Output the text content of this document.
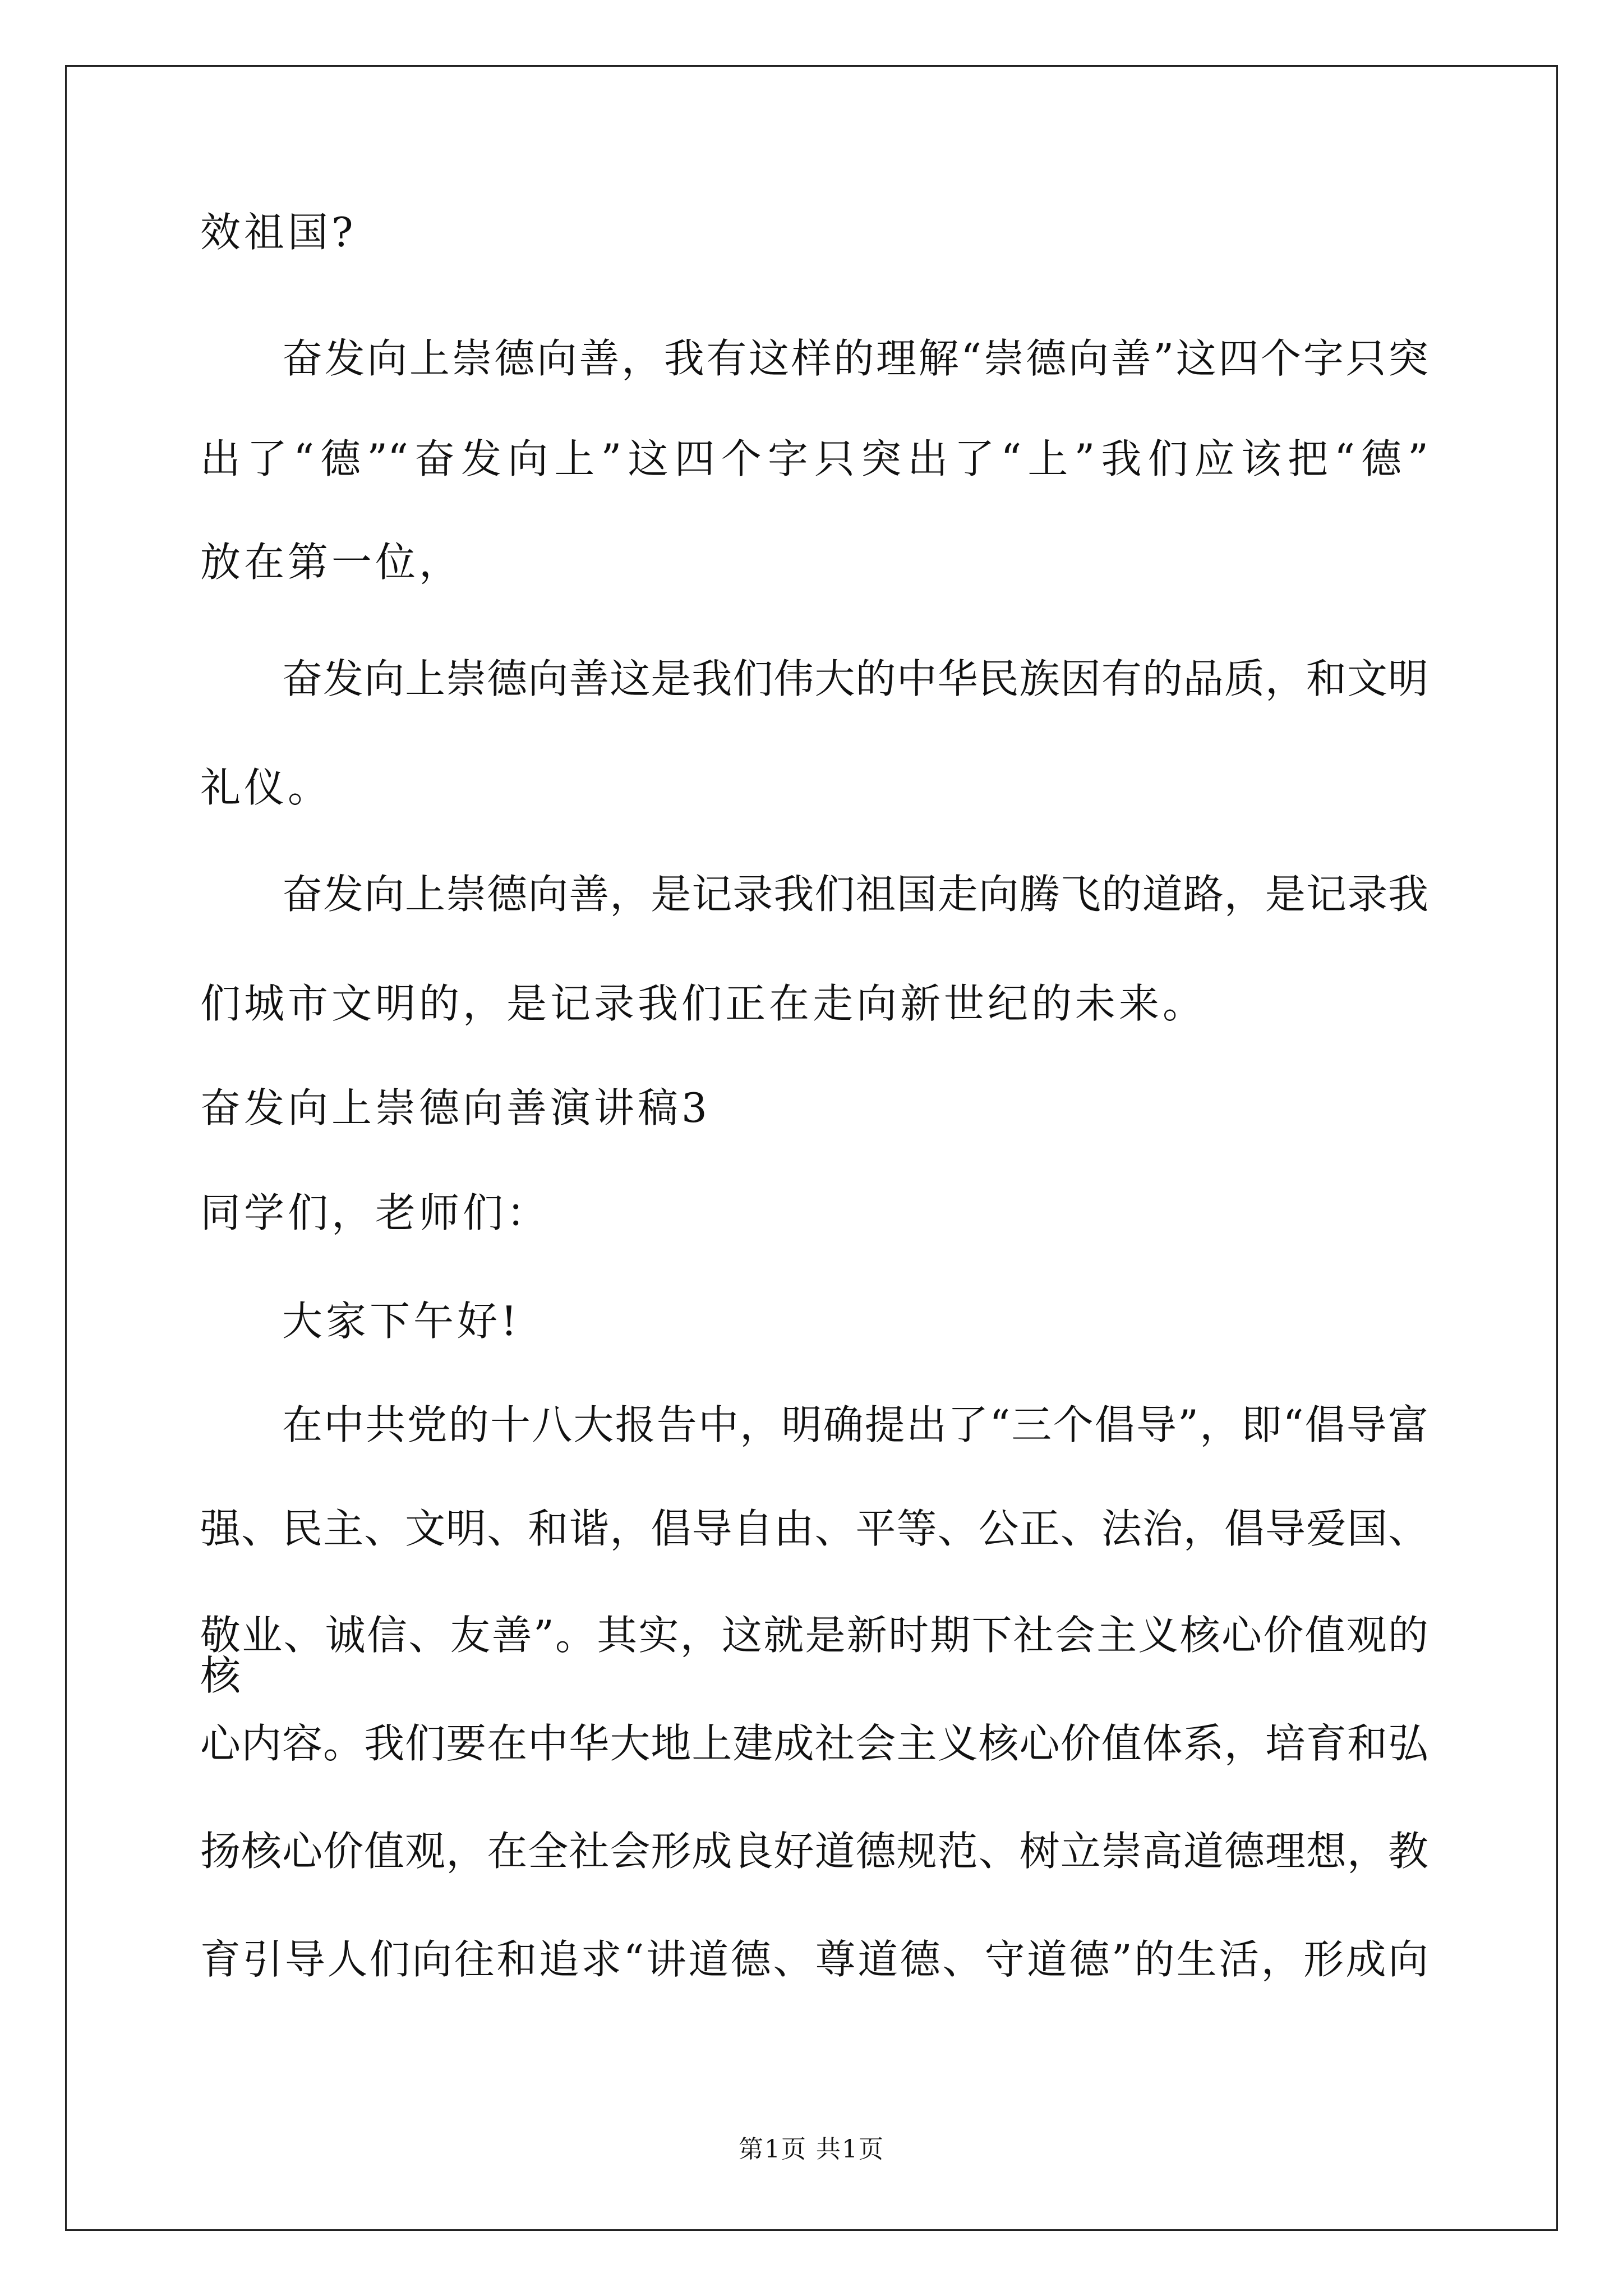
效祖国?
奋发向上崇德向善，我有这样的理解“崇德向善”这四个字只突
出了“德”“奋发向上”这四个字只突出了“上”我们应该把“德”
放在第一位，
奋发向上崇德向善这是我们伟大的中华民族因有的品质，和文明
礼仪。
奋发向上崇德向善，是记录我们祖国走向腾飞的道路，是记录我
们城市文明的，是记录我们正在走向新世纪的未来。
奋发向上崇德向善演讲稿3
同学们，老师们：
大家下午好!
在中共党的十八大报告中，明确提出了“三个倡导”，即“倡导富
强、民主、文明、和谐，倡导自由、平等、公正、法治，倡导爱国、
敬业、诚信、友善”。其实，这就是新时期下社会主义核心价值观的核
心内容。我们要在中华大地上建成社会主义核心价值体系，培育和弘
扬核心价值观，在全社会形成良好道德规范、树立崇高道德理想，教
育引导人们向往和追求“讲道德、尊道德、守道德”的生活，形成向
第1页 共1页
